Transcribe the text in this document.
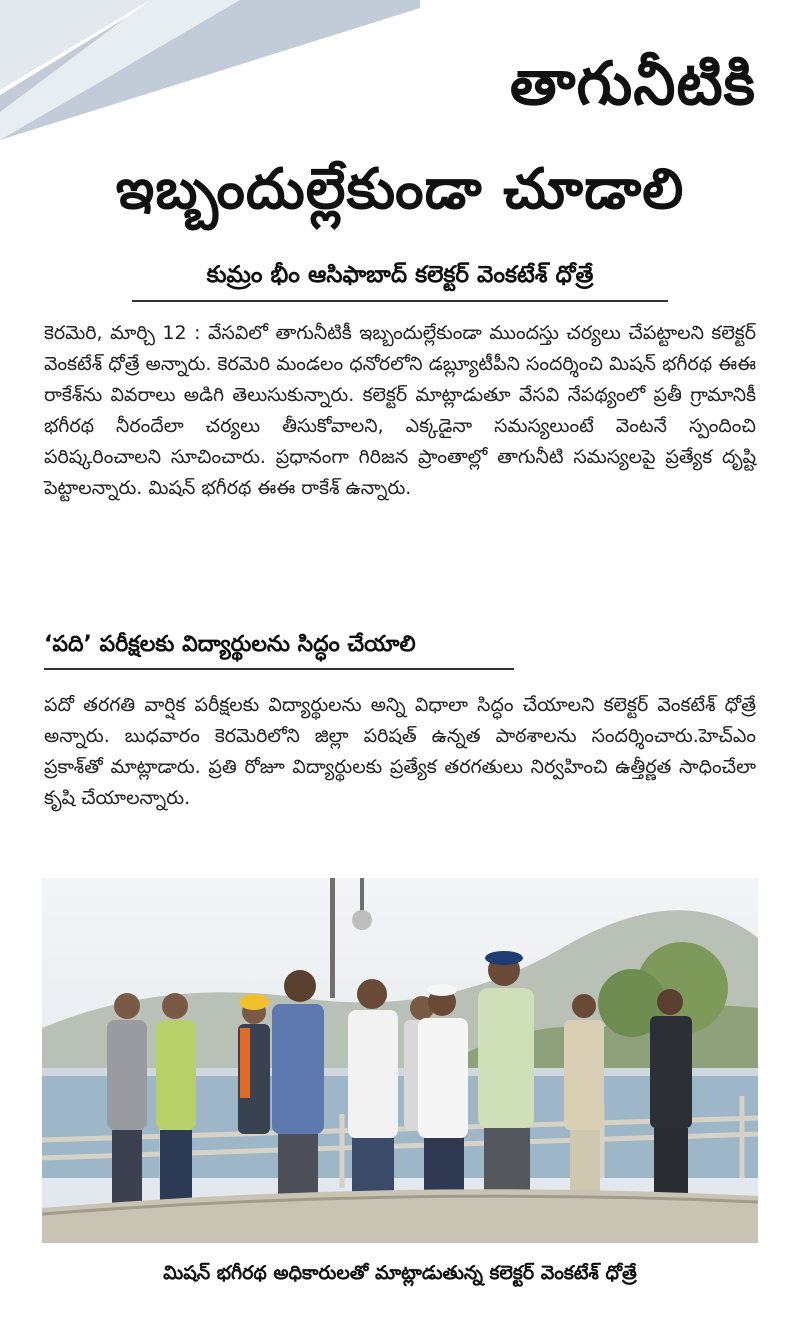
తాగునీటికి
ఇబ్బందుల్లేకుండా చూడాలి
కుమ్రం భీం ఆసిఫాబాద్ కలెక్టర్ వెంకటేశ్ ధోత్రే
కెరమెరి, మార్చి 12 : వేసవిలో తాగునీటికీ ఇబ్బందుల్లేకుండా ముందస్తు చర్యలు చేపట్టాలని కలెక్టర్ వెంకటేశ్ ధోత్రే అన్నారు. కెరమెరి మండలం ధనోరలోని డబ్ల్యూటీపీని సందర్శించి మిషన్ భగీరథ ఈఈ రాకేశ్‌ను వివరాలు అడిగి తెలుసుకున్నారు. కలెక్టర్ మాట్లాడుతూ వేసవి నేపథ్యంలో ప్రతీ గ్రామానికీ భగీరథ నీరందేలా చర్యలు తీసుకోవాలని, ఎక్కడైనా సమస్యలుంటే వెంటనే స్పందించి పరిష్కరించాలని సూచించారు. ప్రధానంగా గిరిజన ప్రాంతాల్లో తాగునీటి సమస్యలపై ప్రత్యేక దృష్టి పెట్టాలన్నారు. మిషన్ భగీరథ ఈఈ రాకేశ్ ఉన్నారు.
‘పది’ పరీక్షలకు విద్యార్థులను సిద్ధం చేయాలి
పదో తరగతి వార్షిక పరీక్షలకు విద్యార్థులను అన్ని విధాలా సిద్ధం చేయాలని కలెక్టర్ వెంకటేశ్ ధోత్రే అన్నారు. బుధవారం కెరమెరిలోని జిల్లా పరిషత్ ఉన్నత పాఠశాలను సందర్శించారు.హెచ్ఎం ప్రకాశ్‌తో మాట్లాడారు. ప్రతి రోజూ విద్యార్థులకు ప్రత్యేక తరగతులు నిర్వహించి ఉత్తీర్ణత సాధించేలా కృషి చేయాలన్నారు.
మిషన్ భగీరథ అధికారులతో మాట్లాడుతున్న కలెక్టర్ వెంకటేశ్ ధోత్రే
